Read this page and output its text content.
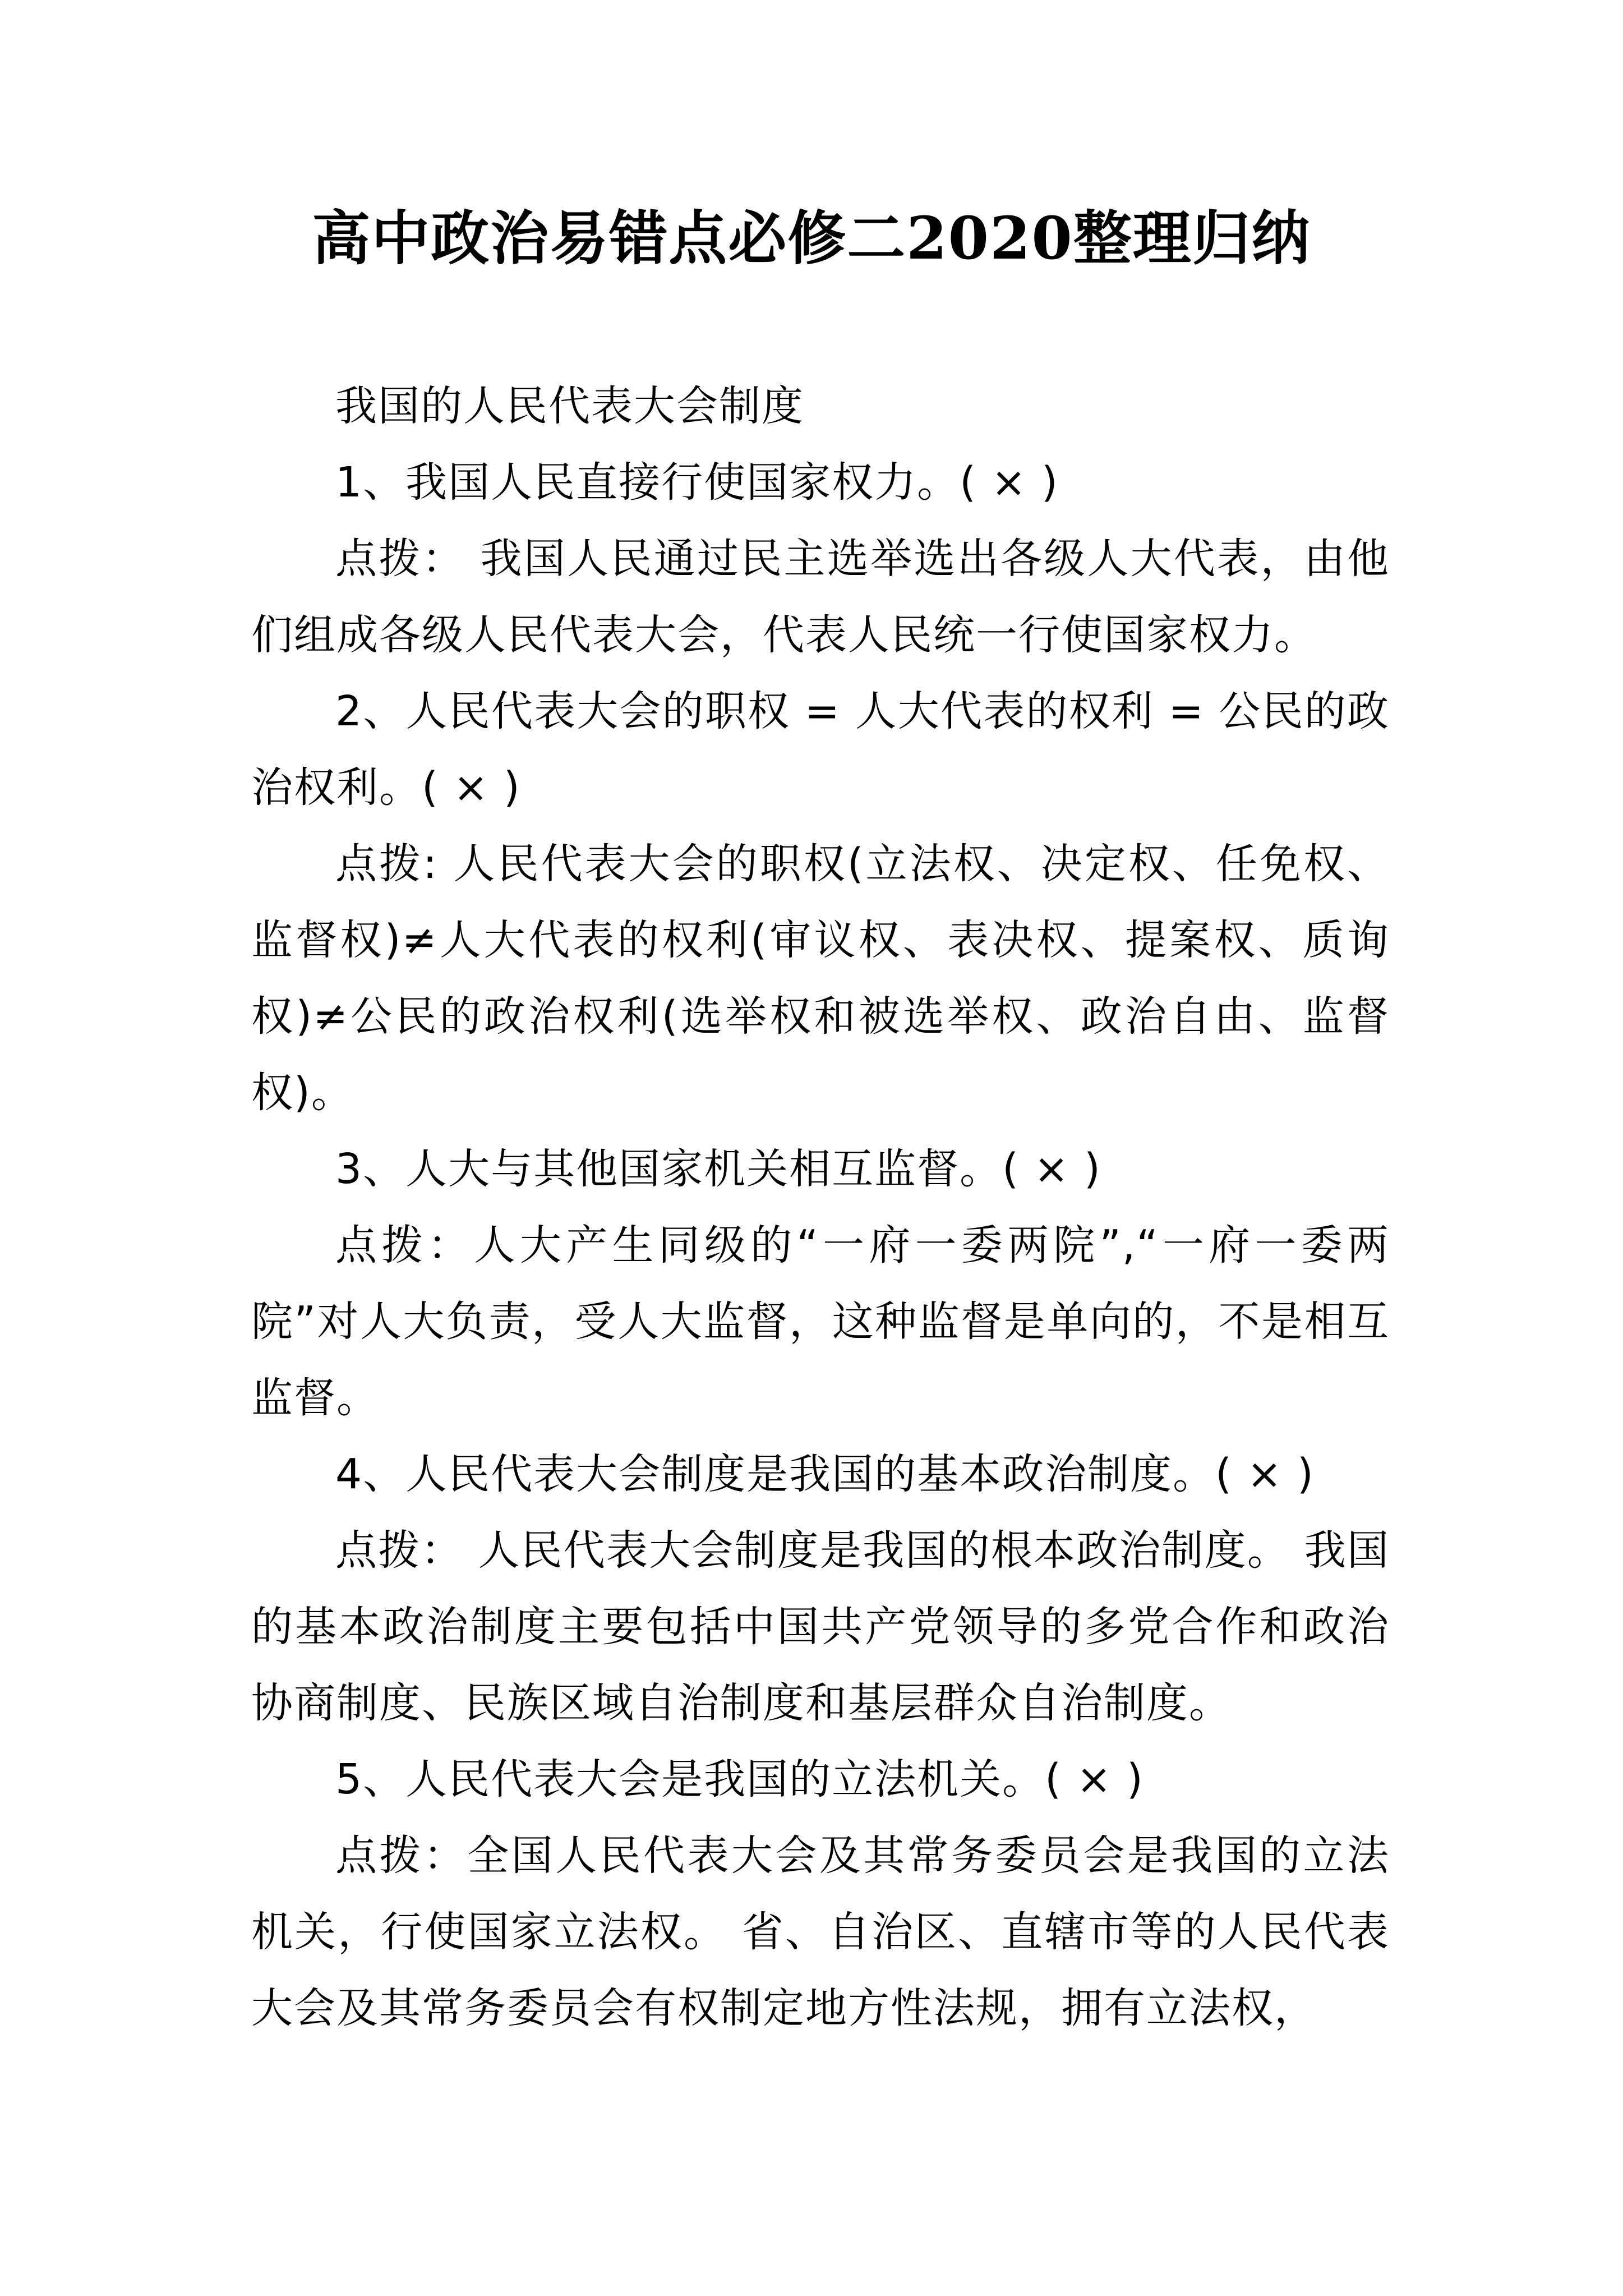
高中政治易错点必修二2020整理归纳

我国的人民代表大会制度

1、我国人民直接行使国家权力。( × )

点拨： 我国人民通过民主选举选出各级人大代表，由他们组成各级人民代表大会，代表人民统一行使国家权力。

2、人民代表大会的职权 = 人大代表的权利 = 公民的政治权利。( × )

点拨: 人民代表大会的职权(立法权、决定权、任免权、监督权)≠人大代表的权利(审议权、表决权、提案权、质询权)≠公民的政治权利(选举权和被选举权、政治自由、监督权)。

3、人大与其他国家机关相互监督。( × )

点拨：人大产生同级的“一府一委两院”,“一府一委两院”对人大负责，受人大监督，这种监督是单向的，不是相互监督。

4、人民代表大会制度是我国的基本政治制度。( × )

点拨： 人民代表大会制度是我国的根本政治制度。 我国的基本政治制度主要包括中国共产党领导的多党合作和政治协商制度、民族区域自治制度和基层群众自治制度。

5、人民代表大会是我国的立法机关。( × )

点拨：全国人民代表大会及其常务委员会是我国的立法机关，行使国家立法权。 省、自治区、直辖市等的人民代表大会及其常务委员会有权制定地方性法规，拥有立法权，
